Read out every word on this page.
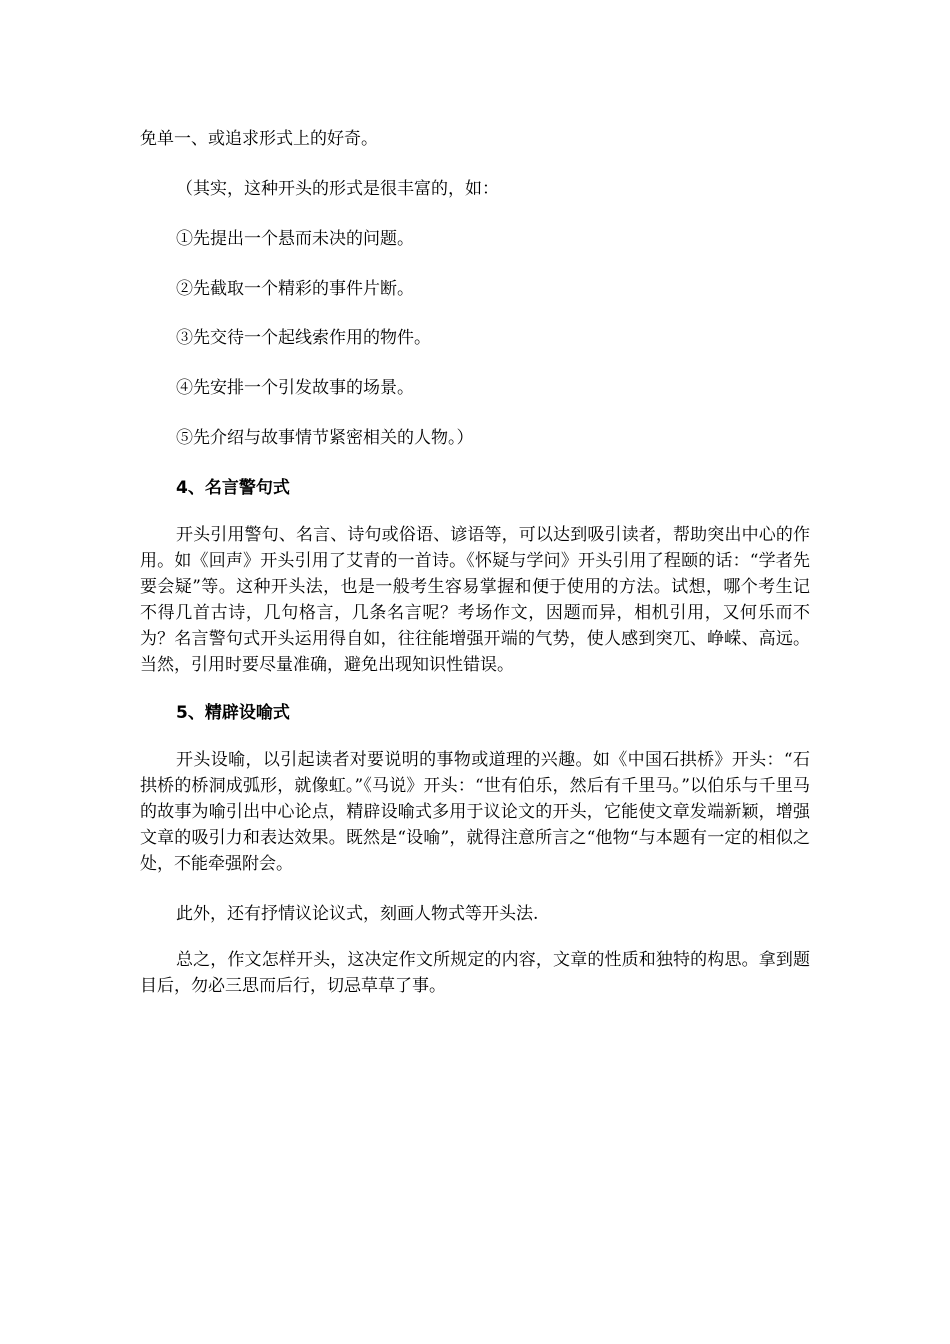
免单一、或追求形式上的好奇。
（其实，这种开头的形式是很丰富的，如：
①先提出一个悬而未决的问题。
②先截取一个精彩的事件片断。
③先交待一个起线索作用的物件。
④先安排一个引发故事的场景。
⑤先介绍与故事情节紧密相关的人物。）
4、名言警句式
开头引用警句、名言、诗句或俗语、谚语等，可以达到吸引读者，帮助突出中心的作用。如《回声》开头引用了艾青的一首诗。《怀疑与学问》开头引用了程颐的话：“学者先要会疑”等。这种开头法，也是一般考生容易掌握和便于使用的方法。试想，哪个考生记不得几首古诗，几句格言，几条名言呢？考场作文，因题而异，相机引用，又何乐而不为？名言警句式开头运用得自如，往往能增强开端的气势，使人感到突兀、峥嵘、高远。当然，引用时要尽量准确，避免出现知识性错误。
5、精辟设喻式
开头设喻，以引起读者对要说明的事物或道理的兴趣。如《中国石拱桥》开头：“石拱桥的桥洞成弧形，就像虹。”《马说》开头：“世有伯乐，然后有千里马。”以伯乐与千里马的故事为喻引出中心论点，精辟设喻式多用于议论文的开头，它能使文章发端新颖，增强文章的吸引力和表达效果。既然是“设喻”，就得注意所言之“他物“与本题有一定的相似之处，不能牵强附会。
此外，还有抒情议论议式，刻画人物式等开头法.
总之，作文怎样开头，这决定作文所规定的内容，文章的性质和独特的构思。拿到题目后，勿必三思而后行，切忌草草了事。
